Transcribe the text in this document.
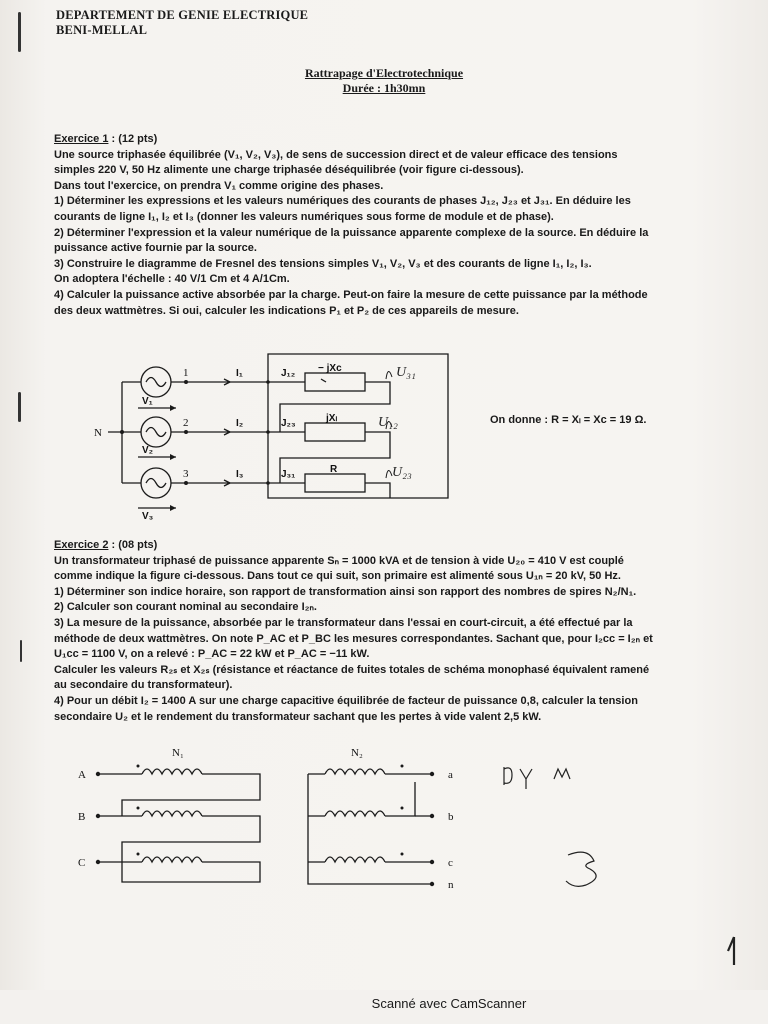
DEPARTEMENT DE GENIE ELECTRIQUE
BENI-MELLAL
Rattrapage d'Electrotechnique
Durée : 1h30mn

Exercice 1 : (12 pts)

Une source triphasée équilibrée (V₁, V₂, V₃), de sens de succession direct et de valeur efficace des tensions

simples 220 V, 50 Hz alimente une charge triphasée déséquilibrée (voir figure ci-dessous).

Dans tout l'exercice, on prendra V₁ comme origine des phases.

1) Déterminer les expressions et les valeurs numériques des courants de phases J₁₂, J₂₃ et J₃₁. En déduire les

courants de ligne I₁, I₂ et I₃ (donner les valeurs numériques sous forme de module et de phase).

2) Déterminer l'expression et la valeur numérique de la puissance apparente complexe de la source. En déduire la

puissance active fournie par la source.

3) Construire le diagramme de Fresnel des tensions simples V₁, V₂, V₃ et des courants de ligne I₁, I₂, I₃.

On adoptera l'échelle : 40 V/1 Cm et 4 A/1Cm.

4) Calculer la puissance active absorbée par la charge. Peut-on faire la mesure de cette puissance par la méthode

des deux wattmètres. Si oui, calculer les indications P₁ et P₂ de ces appareils de mesure.

N
1
2
3
I₁
I₂
I₃
J₁₂
J₂₃
J₃₁
− jXc
jXₗ
R
V₁
V₂
V₃
U₃₁
U₁₂
U₂₃
On donne : R = Xₗ = Xc = 19 Ω.

Exercice 2 : (08 pts)

Un transformateur triphasé de puissance apparente Sₙ = 1000 kVA et de tension à vide U₂₀ = 410 V est couplé

comme indique la figure ci-dessous. Dans tout ce qui suit, son primaire est alimenté sous U₁ₙ = 20 kV, 50 Hz.

1) Déterminer son indice horaire, son rapport de transformation ainsi son rapport des nombres de spires N₂/N₁.

2) Calculer son courant nominal au secondaire I₂ₙ.

3) La mesure de la puissance, absorbée par le transformateur dans l'essai en court-circuit, a été effectué par la

méthode de deux wattmètres. On note P_AC et P_BC les mesures correspondantes. Sachant que, pour I₂cc = I₂ₙ et

U₁cc = 1100 V, on a relevé : P_AC = 22 kW et P_AC = −11 kW.

Calculer les valeurs R₂ₛ et X₂ₛ (résistance et réactance de fuites totales de schéma monophasé équivalent ramené

au secondaire du transformateur).

4) Pour un débit I₂ = 1400 A sur une charge capacitive équilibrée de facteur de puissance 0,8, calculer la tension

secondaire U₂ et le rendement du transformateur sachant que les pertes à vide valent 2,5 kW.

N₁	N₂
A
B
C
a
b
c
n
Scanné avec CamScanner
